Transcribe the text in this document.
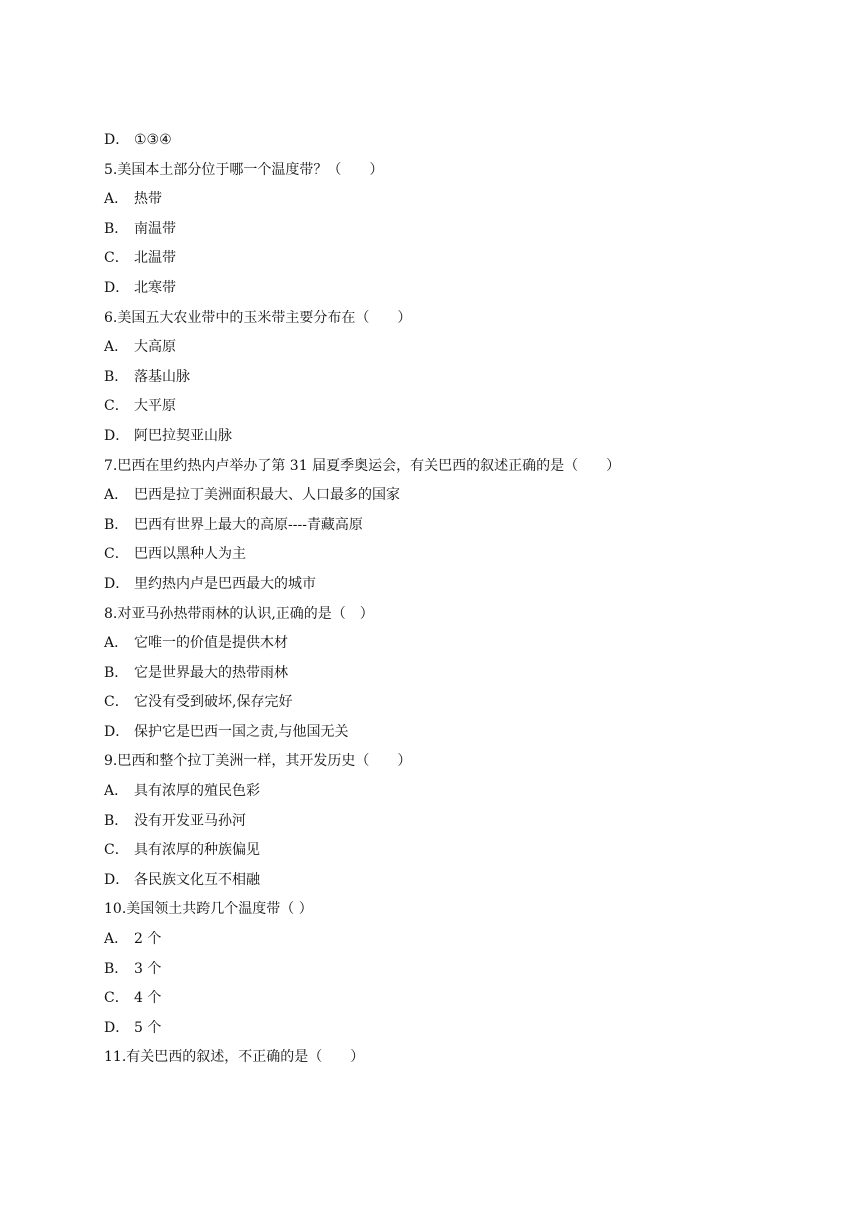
D． ①③④
5.美国本土部分位于哪一个温度带？（　　）
A． 热带
B． 南温带
C． 北温带
D． 北寒带
6.美国五大农业带中的玉米带主要分布在（　　）
A． 大高原
B． 落基山脉
C． 大平原
D． 阿巴拉契亚山脉
7.巴西在里约热内卢举办了第 31 届夏季奥运会，有关巴西的叙述正确的是（　　）
A． 巴西是拉丁美洲面积最大、人口最多的国家
B． 巴西有世界上最大的高原----青藏高原
C． 巴西以黑种人为主
D． 里约热内卢是巴西最大的城市
8.对亚马孙热带雨林的认识,正确的是（　）
A． 它唯一的价值是提供木材
B． 它是世界最大的热带雨林
C． 它没有受到破坏,保存完好
D． 保护它是巴西一国之责,与他国无关
9.巴西和整个拉丁美洲一样，其开发历史（　　）
A． 具有浓厚的殖民色彩
B． 没有开发亚马孙河
C． 具有浓厚的种族偏见
D． 各民族文化互不相融
10.美国领土共跨几个温度带（ ）
A． 2 个
B． 3 个
C． 4 个
D． 5 个
11.有关巴西的叙述，不正确的是（　　）
